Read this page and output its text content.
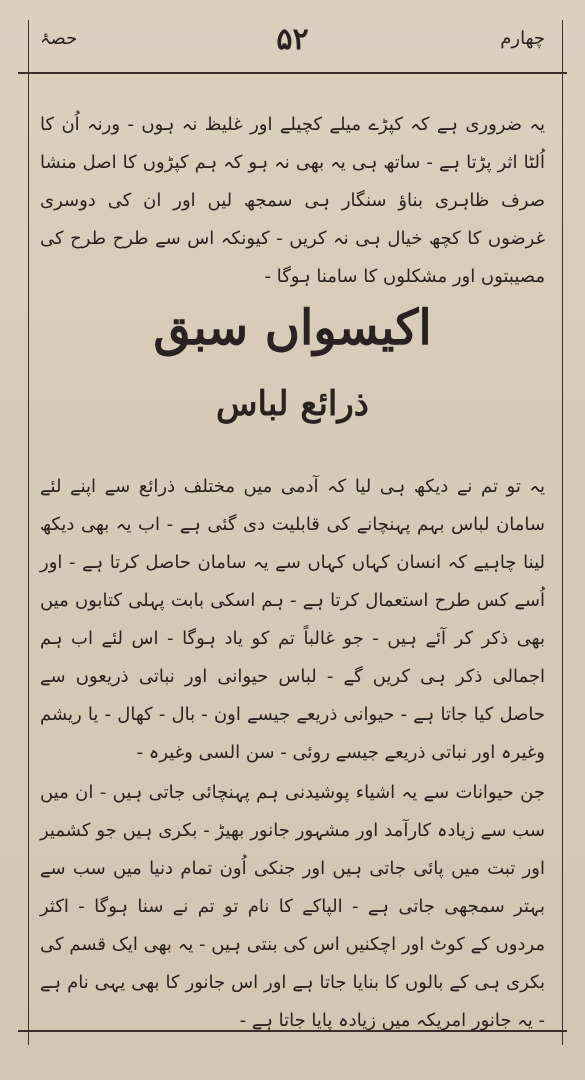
چهارم
۵۲
حصۂ

یہ ضروری ہے کہ کپڑے میلے کچیلے اور غلیظ نہ ہوں - ورنہ اُن کا اُلٹا اثر پڑتا ہے - ساتھ ہی یہ بھی نہ ہو کہ ہم کپڑوں کا اصل منشا صرف ظاہری بناؤ سنگار ہی سمجھ لیں اور ان کی دوسری غرضوں کا کچھ خیال ہی نہ کریں - کیونکہ اس سے طرح طرح کی مصیبتوں اور مشکلوں کا سامنا ہوگا -

اکیسواں سبق
ذرائع لباس

یہ تو تم نے دیکھ ہی لیا کہ آدمی میں مختلف ذرائع سے اپنے لئے سامان لباس بہم پہنچانے کی قابلیت دی گئی ہے - اب یہ بھی دیکھ لینا چاہیے کہ انسان کہاں کہاں سے یہ سامان حاصل کرتا ہے - اور اُسے کس طرح استعمال کرتا ہے - ہم اسکی بابت پہلی کتابوں میں بھی ذکر کر آئے ہیں - جو غالباً تم کو یاد ہوگا - اس لئے اب ہم اجمالی ذکر ہی کریں گے - لباس حیوانی اور نباتی ذریعوں سے حاصل کیا جاتا ہے - حیوانی ذریعے جیسے اون - بال - کھال - یا ریشم وغیرہ اور نباتی ذریعے جیسے روئی - سن السی وغیرہ -

جن حیوانات سے یہ اشیاء پوشیدنی ہم پہنچائی جاتی ہیں - ان میں سب سے زیادہ کارآمد اور مشہور جانور بھیڑ - بکری ہیں جو کشمیر اور تبت میں پائی جاتی ہیں اور جنکی اُون تمام دنیا میں سب سے بہتر سمجھی جاتی ہے - الپاکے کا نام تو تم نے سنا ہوگا - اکثر مردوں کے کوٹ اور اچکنیں اس کی بنتی ہیں - یہ بھی ایک قسم کی بکری ہی کے بالوں کا بنایا جاتا ہے اور اس جانور کا بھی یہی نام ہے - یہ جانور امریکہ میں زیادہ پایا جاتا ہے -
